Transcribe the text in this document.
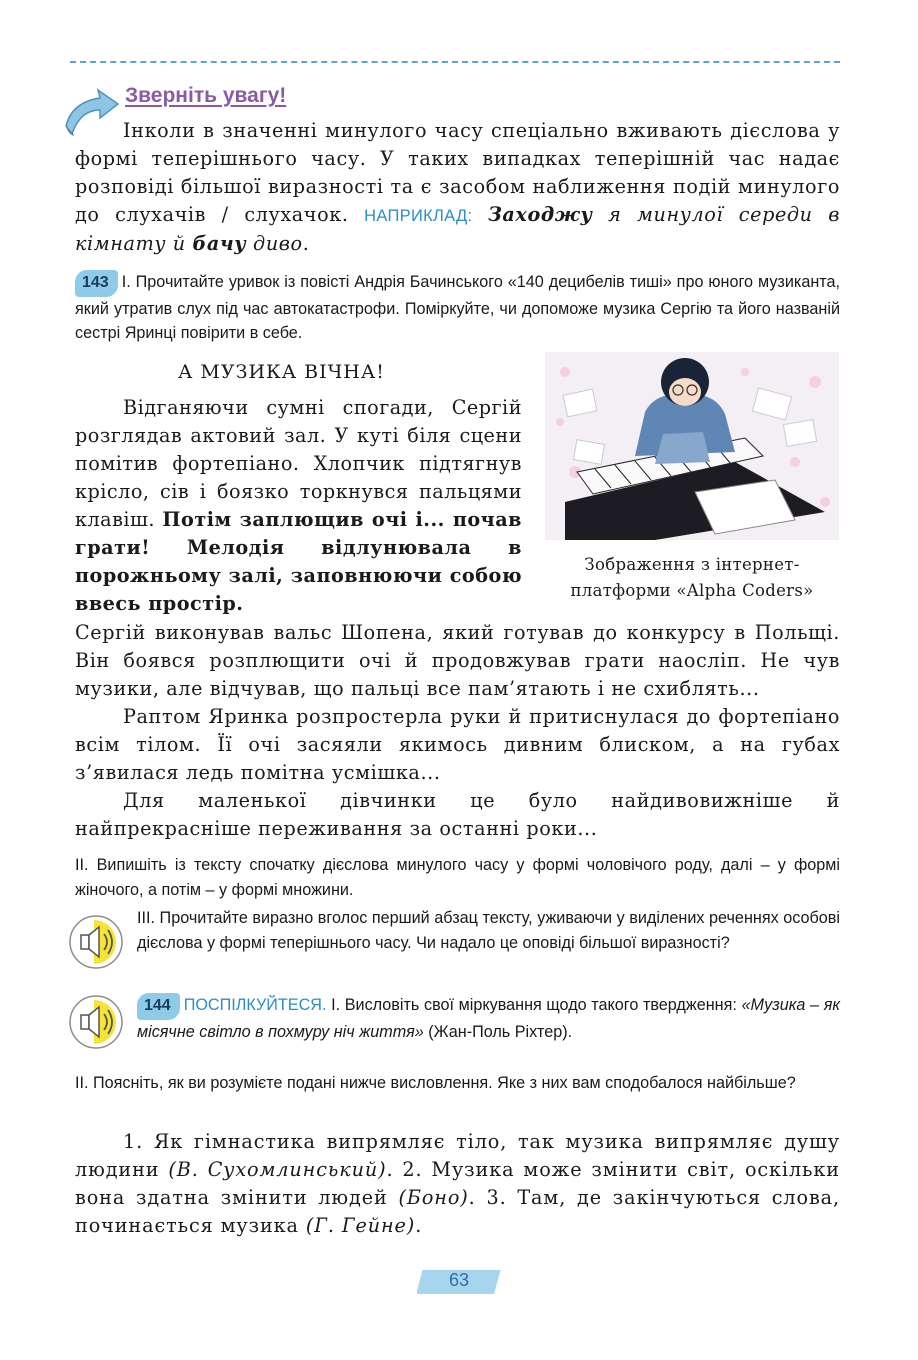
Зверніть увагу!
Інколи в значенні минулого часу спеціально вживають дієслова у формі теперішнього часу. У таких випадках теперішній час надає розповіді більшої виразності та є засобом наближення подій минулого до слухачів / слухачок. НАПРИКЛАД: Заходжу я минулої середи в кімнату й бачу диво.
143 І. Прочитайте уривок із повісті Андрія Бачинського «140 децибелів тиші» про юного музиканта, який утратив слух під час автокатастрофи. Поміркуйте, чи допоможе музика Сергію та його названій сестрі Яринці повірити в себе.
А МУЗИКА ВІЧНА!
Зображення з інтернет-платформи «Alpha Coders»

Відганяючи сумні спогади, Сергій розглядав актовий зал. У куті біля сцени помітив фортепіано. Хлопчик підтягнув крісло, сів і боязко торкнувся пальцями клавіш. Потім заплющив очі і... почав грати! Мелодія відлунювала в порожньому залі, заповнюючи собою ввесь простір.

Сергій виконував вальс Шопена, який готував до конкурсу в Польщі. Він боявся розплющити очі й продовжував грати наосліп. Не чув музики, але відчував, що пальці все пам’ятають і не схиблять...

Раптом Яринка розпростерла руки й притиснулася до фортепіано всім тілом. Її очі засяяли якимось дивним блиском, а на губах з’явилася ледь помітна усмішка...

Для маленької дівчинки це було найдивовижніше й найпрекрасніше переживання за останні роки...

ІІ. Випишіть із тексту спочатку дієслова минулого часу у формі чоловічого роду, далі – у формі жіночого, а потім – у формі множини.
ІІІ. Прочитайте виразно вголос перший абзац тексту, уживаючи у виділених реченнях особові дієслова у формі теперішнього часу. Чи надало це оповіді більшої виразності?
144 ПОСПІЛКУЙТЕСЯ. І. Висловіть свої міркування щодо такого твердження: «Музика – як місячне світло в похмуру ніч життя» (Жан-Поль Ріхтер).
ІІ. Поясніть, як ви розумієте подані нижче висловлення. Яке з них вам сподобалося найбільше?

1. Як гімнастика випрямляє тіло, так музика випрямляє душу людини (В. Сухомлинський). 2. Музика може змінити світ, оскільки вона здатна змінити людей (Боно). 3. Там, де закінчуються слова, починається музика (Г. Гейне).

63
